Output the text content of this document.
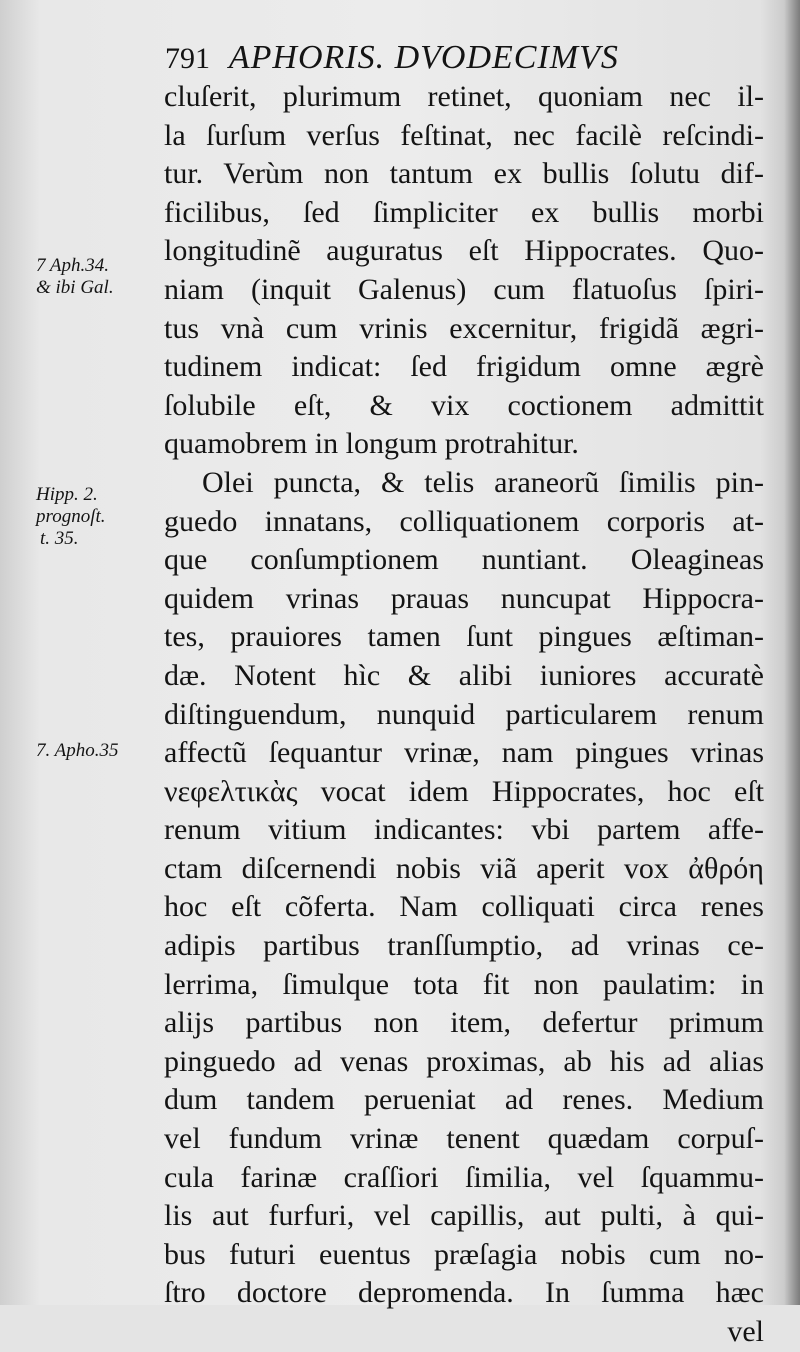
791 APHORIS. DVODECIMVS
cluſerit, plurimum retinet, quoniam nec il-
la ſurſum verſus feſtinat, nec facilè reſcindi-
tur. Verùm non tantum ex bullis ſolutu dif-
ficilibus, ſed ſimpliciter ex bullis morbi
longitudinẽ auguratus eſt Hippocrates. Quo-
niam (inquit Galenus) cum flatuoſus ſpiri-
tus vnà cum vrinis excernitur, frigidã ægri-
tudinem indicat: ſed frigidum omne ægrè
ſolubile eſt, & vix coctionem admittit
quamobrem in longum protrahitur.
Olei puncta, & telis araneorũ ſimilis pin-
guedo innatans, colliquationem corporis at-
que conſumptionem nuntiant. Oleagineas
quidem vrinas prauas nuncupat Hippocra-
tes, prauiores tamen ſunt pingues æſtiman-
dæ. Notent hìc & alibi iuniores accuratè
diſtinguendum, nunquid particularem renum
affectũ ſequantur vrinæ, nam pingues vrinas
νεφελτικὰς vocat idem Hippocrates, hoc eſt
renum vitium indicantes: vbi partem affe-
ctam diſcernendi nobis viã aperit vox ἀθρόη
hoc eſt cõferta. Nam colliquati circa renes
adipis partibus tranſſumptio, ad vrinas ce-
lerrima, ſimulque tota fit non paulatim: in
alijs partibus non item, defertur primum
pinguedo ad venas proximas, ab his ad alias
dum tandem perueniat ad renes. Medium
vel fundum vrinæ tenent quædam corpuſ-
cula farinæ craſſiori ſimilia, vel ſquammu-
lis aut furfuri, vel capillis, aut pulti, à qui-
bus futuri euentus præſagia nobis cum no-
ſtro doctore depromenda. In ſumma hæc
vel
7 Aph.34.
& ibi Gal.
Hipp. 2.
prognoſt.
t. 35.
7. Apho.35
